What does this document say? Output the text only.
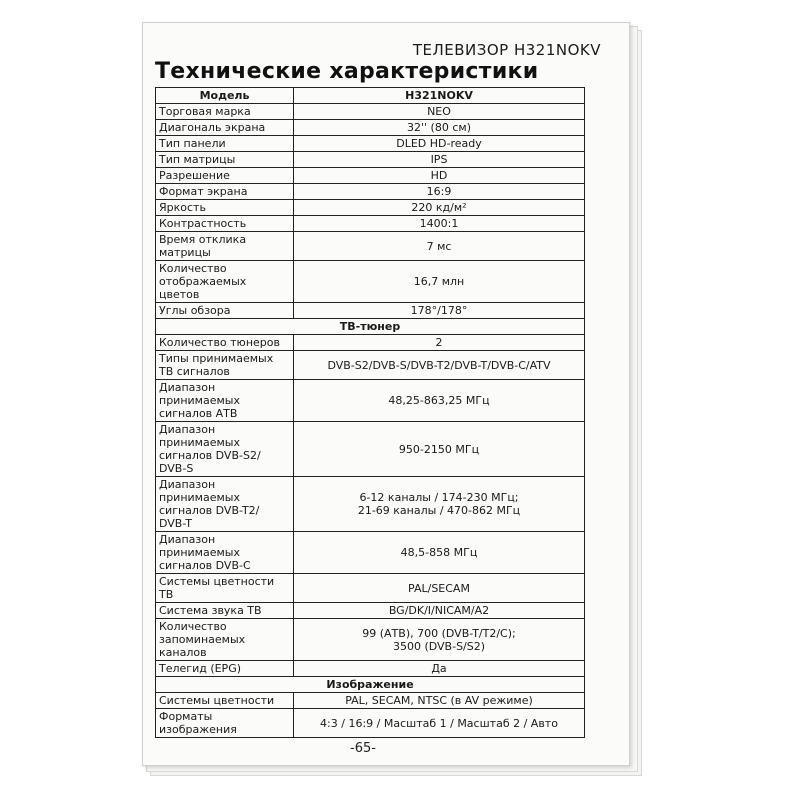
ТЕЛЕВИЗОР H321NOKV
Технические характеристики
Модель	H321NOKV
Торговая марка	NEO
Диагональ экрана	32'' (80 см)
Тип панели	DLED HD-ready
Тип матрицы	IPS
Разрешение	HD
Формат экрана	16:9
Яркость	220 кд/м²
Контрастность	1400:1
Время отклика матрицы	7 мс
Количество отображаемых цветов	16,7 млн
Углы обзора	178°/178°
ТВ-тюнер	
Количество тюнеров	2
Типы принимаемых ТВ сигналов	DVB-S2/DVB-S/DVB-T2/DVB-T/DVB-C/ATV
Диапазон принимаемых сигналов АТВ	48,25-863,25 МГц
Диапазон принимаемых сигналов DVB-S2/ DVB-S	950-2150 МГц
Диапазон принимаемых сигналов DVB-T2/ DVB-T	6-12 каналы / 174-230 МГц;
21-69 каналы / 470-862 МГц

Диапазон принимаемых сигналов DVB-C	48,5-858 МГц
Системы цветности ТВ	PAL/SECAM
Система звука ТВ	BG/DK/I/NICAM/A2
Количество запоминаемых каналов	99 (АТВ), 700 (DVB-T/T2/C);
3500 (DVB-S/S2)

Телегид (EPG)	Да
Изображение	
Системы цветности	PAL, SECAM, NTSC (в AV режиме)
Форматы изображения	4:3 / 16:9 / Масштаб 1 / Масштаб 2 / Авто
-65-
